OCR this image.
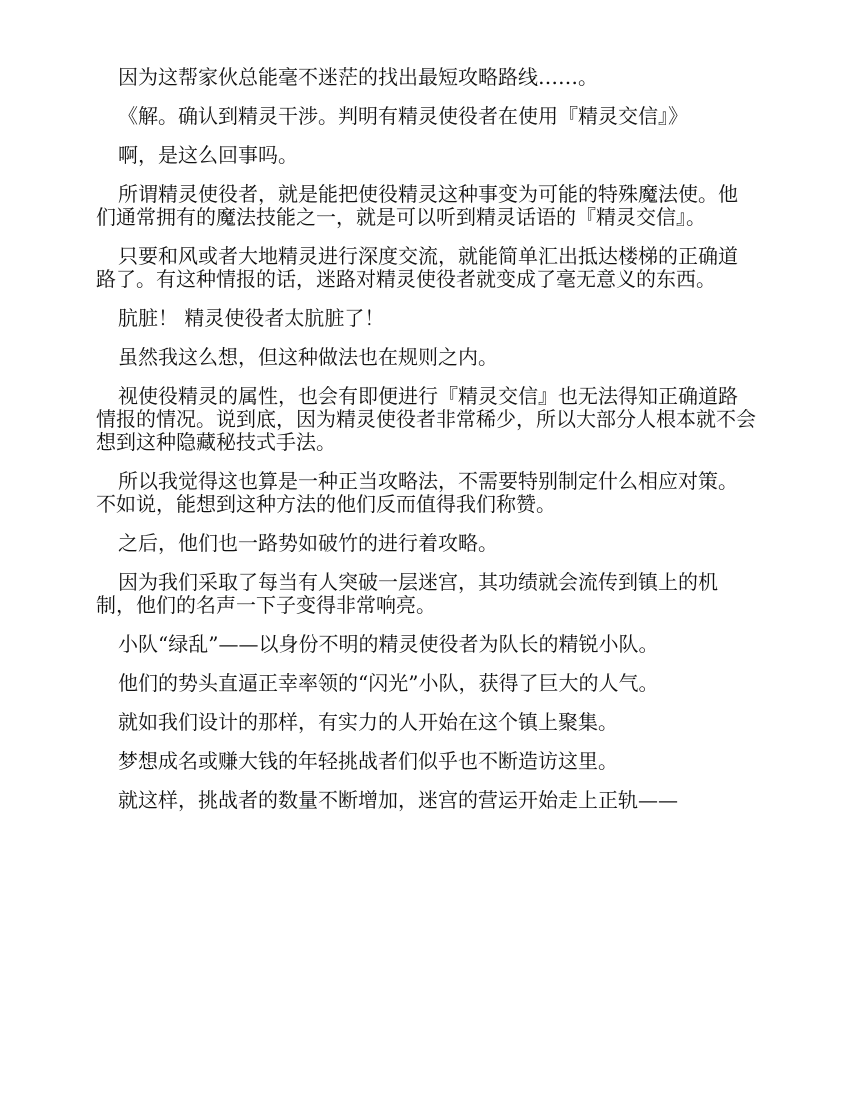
因为这帮家伙总能毫不迷茫的找出最短攻略路线……。

《解。确认到精灵干涉。判明有精灵使役者在使用『精灵交信』》

啊，是这么回事吗。

所谓精灵使役者，就是能把使役精灵这种事变为可能的特殊魔法使。他们通常拥有的魔法技能之一，就是可以听到精灵话语的『精灵交信』。

只要和风或者大地精灵进行深度交流，就能简单汇出抵达楼梯的正确道路了。有这种情报的话，迷路对精灵使役者就变成了毫无意义的东西。

肮脏！ 精灵使役者太肮脏了！

虽然我这么想，但这种做法也在规则之内。

视使役精灵的属性，也会有即便进行『精灵交信』也无法得知正确道路情报的情况。说到底，因为精灵使役者非常稀少，所以大部分人根本就不会想到这种隐藏秘技式手法。

所以我觉得这也算是一种正当攻略法，不需要特别制定什么相应对策。不如说，能想到这种方法的他们反而值得我们称赞。

之后，他们也一路势如破竹的进行着攻略。

因为我们采取了每当有人突破一层迷宫，其功绩就会流传到镇上的机制，他们的名声一下子变得非常响亮。

小队“绿乱”——以身份不明的精灵使役者为队长的精锐小队。

他们的势头直逼正幸率领的“闪光”小队，获得了巨大的人气。

就如我们设计的那样，有实力的人开始在这个镇上聚集。

梦想成名或赚大钱的年轻挑战者们似乎也不断造访这里。

就这样，挑战者的数量不断增加，迷宫的营运开始走上正轨——
